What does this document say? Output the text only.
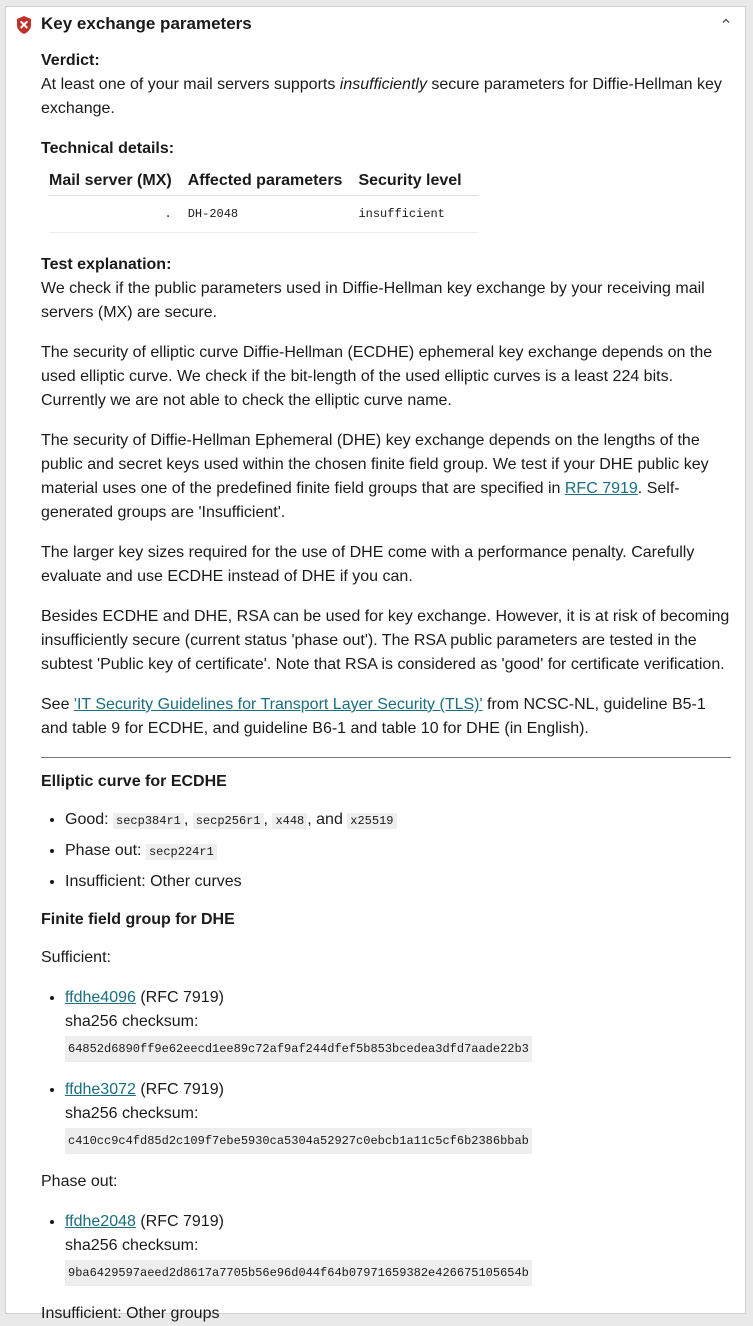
Key exchange parameters
Verdict:
At least one of your mail servers supports insufficiently secure parameters for Diffie-Hellman key exchange.
Technical details:
Mail server (MX)	Affected parameters	Security level
.	DH-2048	insufficient
Test explanation:
We check if the public parameters used in Diffie-Hellman key exchange by your receiving mail servers (MX) are secure.
The security of elliptic curve Diffie-Hellman (ECDHE) ephemeral key exchange depends on the used elliptic curve. We check if the bit-length of the used elliptic curves is a least 224 bits. Currently we are not able to check the elliptic curve name.
The security of Diffie-Hellman Ephemeral (DHE) key exchange depends on the lengths of the public and secret keys used within the chosen finite field group. We test if your DHE public key material uses one of the predefined finite field groups that are specified in RFC 7919. Self-generated groups are 'Insufficient'.
The larger key sizes required for the use of DHE come with a performance penalty. Carefully evaluate and use ECDHE instead of DHE if you can.
Besides ECDHE and DHE, RSA can be used for key exchange. However, it is at risk of becoming insufficiently secure (current status 'phase out'). The RSA public parameters are tested in the subtest 'Public key of certificate'. Note that RSA is considered as 'good' for certificate verification.
See 'IT Security Guidelines for Transport Layer Security (TLS)' from NCSC-NL, guideline B5-1 and table 9 for ECDHE, and guideline B6-1 and table 10 for DHE (in English).
Elliptic curve for ECDHE
• Good: secp384r1 , secp256r1 , x448 , and x25519
• Phase out: secp224r1
• Insufficient: Other curves
Finite field group for DHE
Sufficient:
• ffdhe4096 (RFC 7919)
sha256 checksum:
64852d6890ff9e62eecd1ee89c72af9af244dfef5b853bcedea3dfd7aade22b3
• ffdhe3072 (RFC 7919)
sha256 checksum:
c410cc9c4fd85d2c109f7ebe5930ca5304a52927c0ebcb1a11c5cf6b2386bbab
Phase out:
• ffdhe2048 (RFC 7919)
sha256 checksum:
9ba6429597aeed2d8617a7705b56e96d044f64b07971659382e426675105654b
Insufficient: Other groups
